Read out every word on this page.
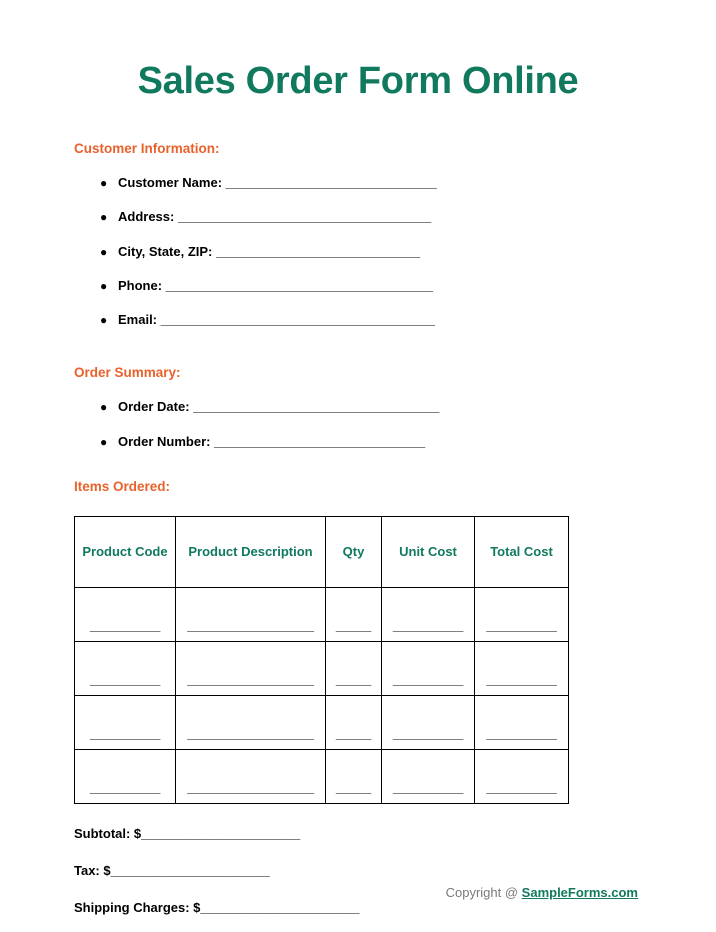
Sales Order Form Online
Customer Information:
● Customer Name: ______________________________
● Address: ____________________________________
● City, State, ZIP: _____________________________
● Phone: ______________________________________
● Email: _______________________________________
Order Summary:
● Order Date: ___________________________________
● Order Number: ______________________________
Items Ordered:
Product Code	Product Description	Qty	Unit Cost	Total Cost
__________	__________________	_____	__________	__________
__________	__________________	_____	__________	__________
__________	__________________	_____	__________	__________
__________	__________________	_____	__________	__________
Subtotal: $______________________
Tax: $______________________
Shipping Charges: $______________________
Copyright @ SampleForms.com
